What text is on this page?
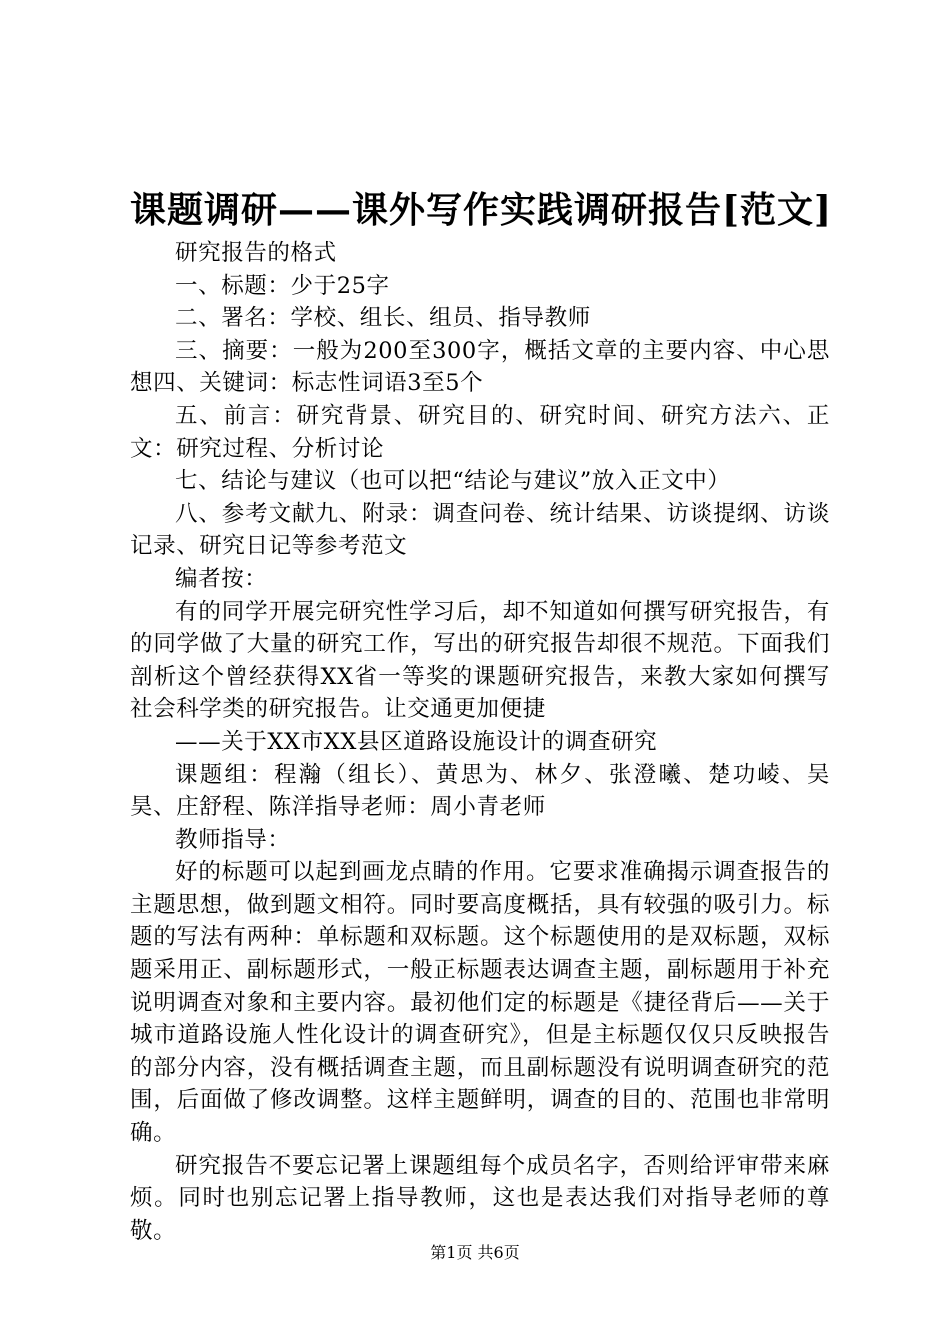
课题调研——课外写作实践调研报告[范文]

研究报告的格式

一、标题：少于25字

二、署名：学校、组长、组员、指导教师

三、摘要：一般为200至300字，概括文章的主要内容、中心思想四、关键词：标志性词语3至5个

五、前言：研究背景、研究目的、研究时间、研究方法六、正文：研究过程、分析讨论

七、结论与建议（也可以把“结论与建议”放入正文中）

八、参考文献九、附录：调查问卷、统计结果、访谈提纲、访谈记录、研究日记等参考范文

编者按：

有的同学开展完研究性学习后，却不知道如何撰写研究报告，有的同学做了大量的研究工作，写出的研究报告却很不规范。下面我们剖析这个曾经获得XX省一等奖的课题研究报告，来教大家如何撰写社会科学类的研究报告。让交通更加便捷

——关于XX市XX县区道路设施设计的调查研究

课题组：程瀚（组长）、黄思为、林夕、张澄曦、楚功崚、吴昊、庄舒程、陈洋指导老师：周小青老师

教师指导：

好的标题可以起到画龙点睛的作用。它要求准确揭示调查报告的主题思想，做到题文相符。同时要高度概括，具有较强的吸引力。标题的写法有两种：单标题和双标题。这个标题使用的是双标题，双标题采用正、副标题形式，一般正标题表达调查主题，副标题用于补充说明调查对象和主要内容。最初他们定的标题是《捷径背后——关于城市道路设施人性化设计的调查研究》，但是主标题仅仅只反映报告的部分内容，没有概括调查主题，而且副标题没有说明调查研究的范围，后面做了修改调整。这样主题鲜明，调查的目的、范围也非常明确。

研究报告不要忘记署上课题组每个成员名字，否则给评审带来麻烦。同时也别忘记署上指导教师，这也是表达我们对指导老师的尊敬。

第1页 共6页
